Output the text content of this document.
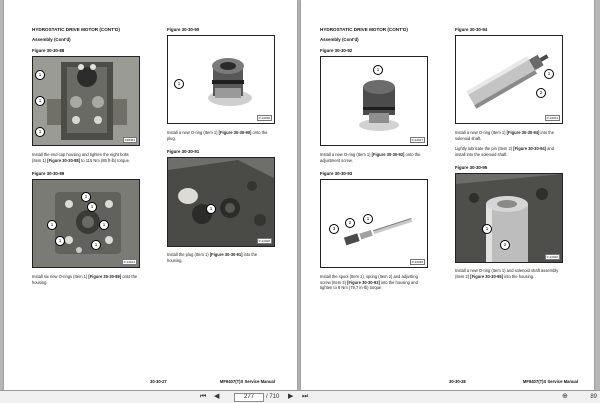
HYDROSTATIC DRIVE MOTOR (CONT'D)
Assembly (Cont'd)
Figure 30-30-88
1
1
1
S38464
Install the end cap housing and tighten the eight bolts (Item 1) [Figure 30-30-88] to 115 Nm (85 ft-lb) torque.
Figure 30-30-89
1
1
1	1
1
1
P-22044
Install six new O-rings (Item 1) [Figure 30-30-89] onto the housing.
Figure 30-30-90
1
P-22030
Install a new O-ring (Item 1) [Figure 30-30-90] onto the plug.
Figure 30-30-91
1
P-22028
Install the plug (Item 1) [Figure 30-30-91] into the housing.
30-30-27	MF9407(T)S Service Manual
HYDROSTATIC DRIVE MOTOR (CONT'D)
Assembly (Cont'd)
Figure 30-30-92
1
P-22027
Install a new O-ring (Item 1) [Figure 30-30-92] onto the adjustment screw.
Figure 30-30-93
3
2
1
P-22026
Install the spool (Item 1), spring (Item 2) and adjusting screw (Item 3) [Figure 30-30-93] into the housing and tighten to 9 Nm (79,7 in-lb) torque.
Figure 30-30-94
1
2
P-22024
Install a new O-ring (Item 1) [Figure 30-30-94] into the solenoid shaft.
Lightly lubricate the pin (Item 2) [Figure 30-30-94] and install into the solenoid shaft.
Figure 30-30-95
1
2
P-22040
Install a new O-ring (Item 1) and solenoid shaft assembly (Item 2) [Figure 30-30-95] into the housing.
30-30-28	MF9407(T)S Service Manual
⏮ ◀
277	/ 710 ▶ ⏭	⊕	89
